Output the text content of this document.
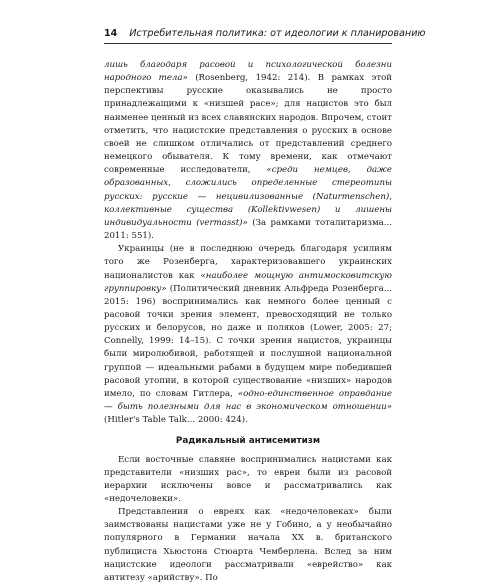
14 Истребительная политика: от идеологии к планированию

лишь благодаря расовой и психологической болезни народного тела» (Rosenberg, 1942: 214). В рамках этой перспективы русские оказывались не просто принадлежащими к «низшей расе»; для нацистов это был наименее ценный из всех славянских народов. Впрочем, стоит отметить, что нацистские представления о русских в основе своей не слишком отличались от представлений среднего немецкого обывателя. К тому времени, как отмечают современные исследователи, «среди немцев, даже образованных, сложились определенные стереотипы русских: русские — нецивилизованные (Naturmenschen), коллективные существа (Kollektivwesen) и лишены индивидуальности (vermasst)» (За рамками тоталитаризма... 2011: 551).

Украинцы (не в последнюю очередь благодаря усилиям того же Розенберга, характеризовавшего украинских националистов как «наиболее мощную антимосковитскую группировку» (Политический дневник Альфреда Розенберга... 2015: 196) воспринимались как немного более ценный с расовой точки зрения элемент, превосходящий не только русских и белорусов, но даже и поляков (Lower, 2005: 27; Connelly, 1999: 14–15). С точки зрения нацистов, украинцы были миролюбивой, работящей и послушной национальной группой — идеальными рабами в будущем мире победившей расовой утопии, в которой существование «низших» народов имело, по словам Гитлера, «одно-единственное оправдание — быть полезными для нас в экономическом отношении» (Hitler's Table Talk... 2000: 424).

Радикальный антисемитизм

Если восточные славяне воспринимались нацистами как представители «низших рас», то евреи были из расовой иерархии исключены вовсе и рассматривались как «недочеловеки».

Представления о евреях как «недочеловеках» были заимствованы нацистами уже не у Гобино, а у необычайно популярного в Германии начала XX в. британского публициста Хьюстона Стюарта Чемберлена. Вслед за ним нацистские идеологи рассматривали «еврейство» как антитезу «арийству». По
